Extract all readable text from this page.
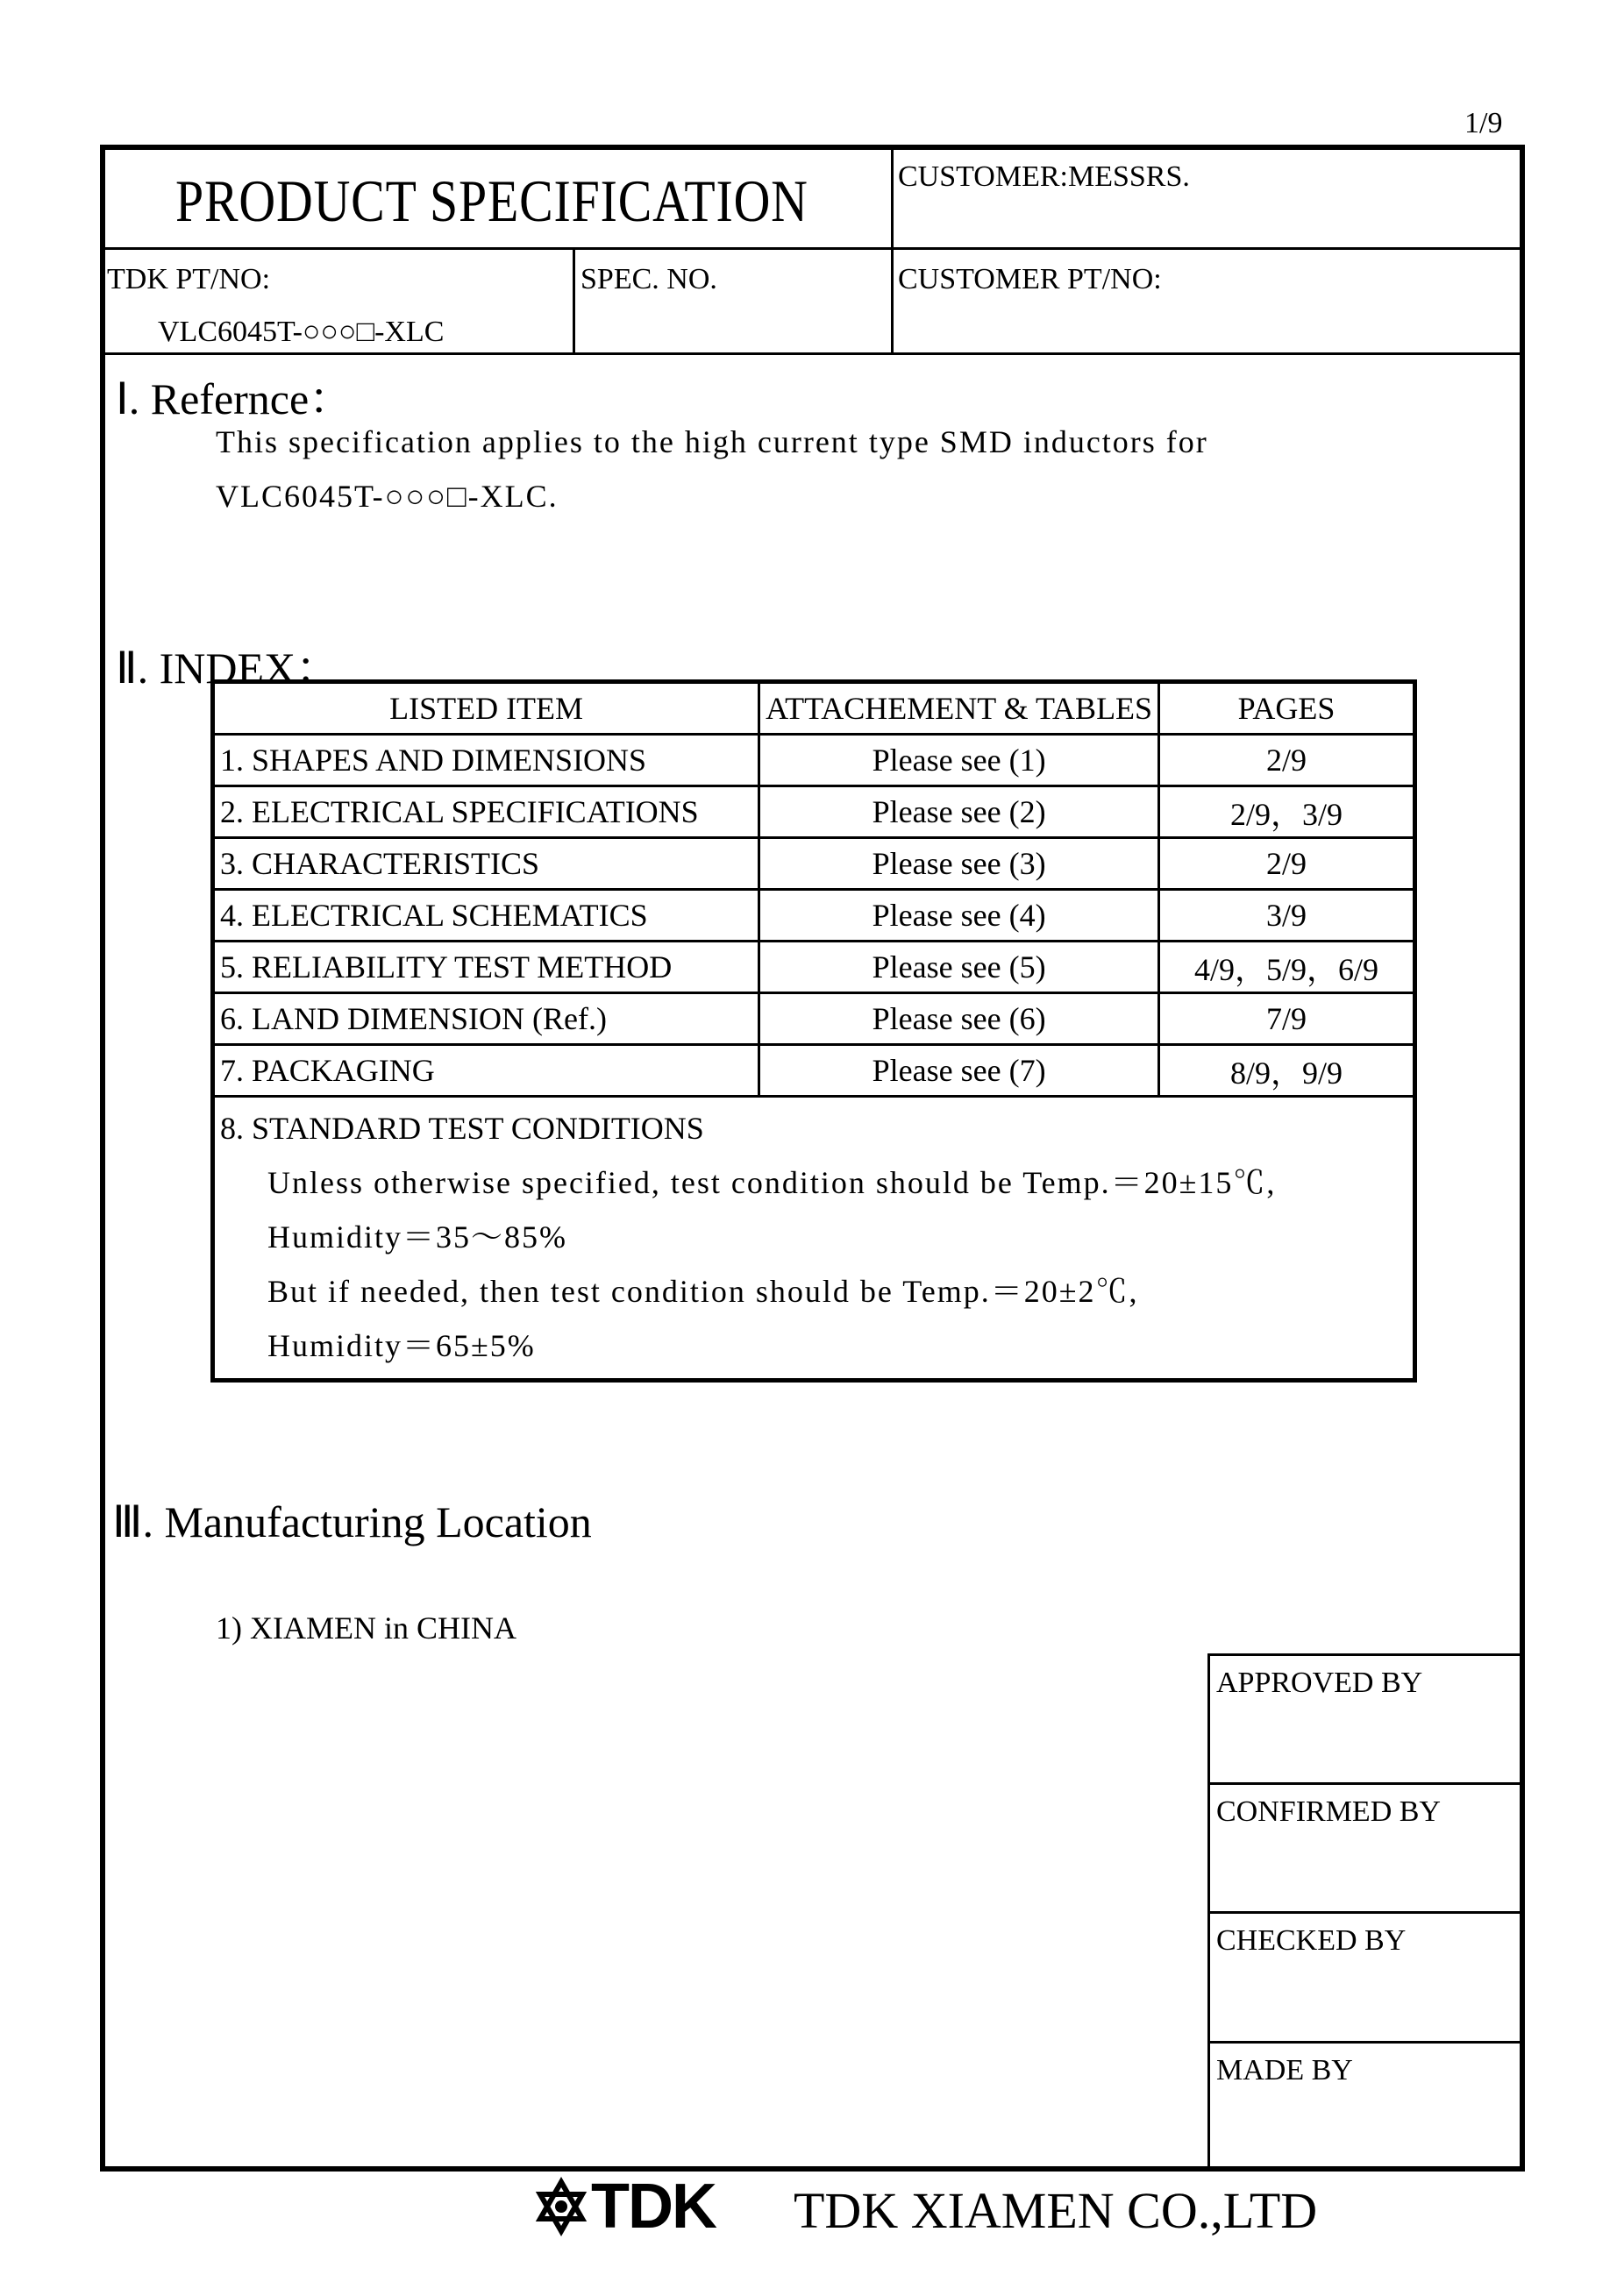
1/9
PRODUCT SPECIFICATION	CUSTOMER:MESSRS.
TDK PT/NO:
VLC6045T-○○○□-XLC
SPEC. NO.	CUSTOMER PT/NO:
Ⅰ. Refernce：
This specification applies to the high current type SMD inductors for
VLC6045T-○○○□-XLC.
Ⅱ. INDEX：
LISTED ITEM	ATTACHEMENT & TABLES	PAGES
1. SHAPES AND DIMENSIONS	Please see (1)	2/9
2. ELECTRICAL SPECIFICATIONS	Please see (2)	2/9，3/9
3. CHARACTERISTICS	Please see (3)	2/9
4. ELECTRICAL SCHEMATICS	Please see (4)	3/9
5. RELIABILITY TEST METHOD	Please see (5)	4/9，5/9，6/9
6. LAND DIMENSION (Ref.)	Please see (6)	7/9
7. PACKAGING	Please see (7)	8/9，9/9

8. STANDARD TEST CONDITIONS
Unless otherwise specified, test condition should be Temp.＝20±15℃,
Humidity＝35～85%
But if needed, then test condition should be Temp.＝20±2℃,
Humidity＝65±5%		
Ⅲ. Manufacturing Location
1) XIAMEN in CHINA
APPROVED BY
CONFIRMED BY
CHECKED BY
MADE BY
TDK TDK XIAMEN CO.,LTD
